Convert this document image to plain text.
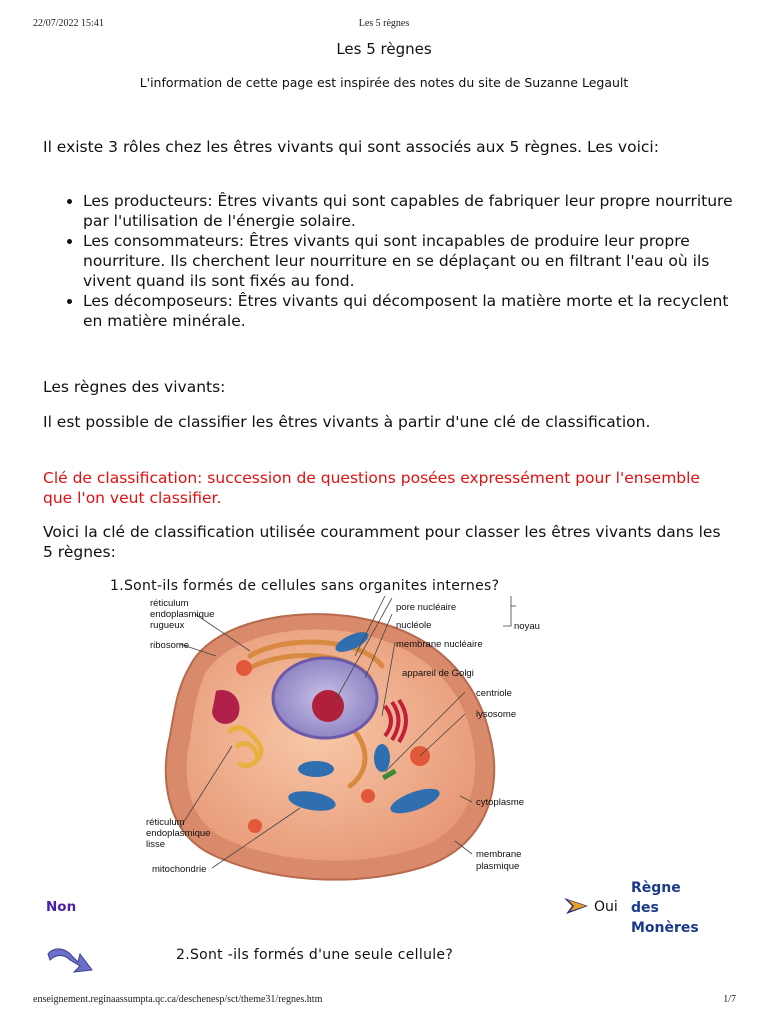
22/07/2022 15:41	Les 5 règnes
Les 5 règnes
L'information de cette page est inspirée des notes du site de Suzanne Legault
Il existe 3 rôles chez les êtres vivants qui sont associés aux 5 règnes. Les voici:
• Les producteurs: Êtres vivants qui sont capables de fabriquer leur propre nourriture par l'utilisation de l'énergie solaire.
• Les consommateurs: Êtres vivants qui sont incapables de produire leur propre nourriture. Ils cherchent leur nourriture en se déplaçant ou en filtrant l'eau où ils vivent quand ils sont fixés au fond.
• Les décomposeurs: Êtres vivants qui décomposent la matière morte et la recyclent en matière minérale.
Les règnes des vivants:
Il est possible de classifier les êtres vivants à partir d'une clé de classification.
Clé de classification: succession de questions posées expressément pour l'ensemble que l'on veut classifier.
Voici la clé de classification utilisée couramment pour classer les êtres vivants dans les 5 règnes:
1.Sont-ils formés de cellules sans organites internes?
réticulum
endoplasmique
rugueux
ribosome
pore nucléaire
nucléole
membrane nucléaire
noyau
appareil de Golgi
centriole
lysosome
cytoplasme
réticulum
endoplasmique
lisse
mitochondrie
membrane
plasmique
Non	Oui
Règne
des
Monères
2.Sont -ils formés d'une seule cellule?
enseignement.reginaassumpta.qc.ca/deschenesp/sct/theme31/regnes.htm	1/7
